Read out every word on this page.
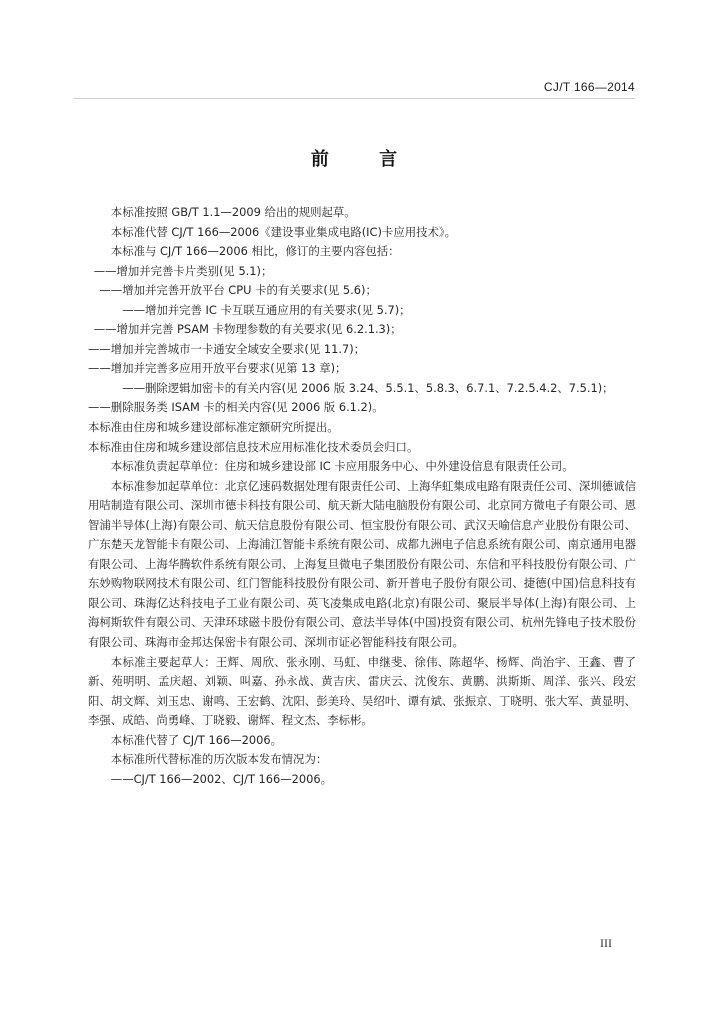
CJ/T 166—2014
前 言

本标准按照 GB/T 1.1—2009 给出的规则起草。

本标准代替 CJ/T 166—2006《建设事业集成电路(IC)卡应用技术》。

本标准与 CJ/T 166—2006 相比，修订的主要内容包括：

——增加并完善卡片类别(见 5.1)；

——增加并完善开放平台 CPU 卡的有关要求(见 5.6)；

——增加并完善 IC 卡互联互通应用的有关要求(见 5.7)；

——增加并完善 PSAM 卡物理参数的有关要求(见 6.2.1.3)；

——增加并完善城市一卡通安全域安全要求(见 11.7)；

——增加并完善多应用开放平台要求(见第 13 章)；

——删除逻辑加密卡的有关内容(见 2006 版 3.24、5.5.1、5.8.3、6.7.1、7.2.5.4.2、7.5.1)；

——删除服务类 ISAM 卡的相关内容(见 2006 版 6.1.2)。

本标准由住房和城乡建设部标准定额研究所提出。

本标准由住房和城乡建设部信息技术应用标准化技术委员会归口。

本标准负责起草单位：住房和城乡建设部 IC 卡应用服务中心、中外建设信息有限责任公司。

本标准参加起草单位：北京亿速码数据处理有限责任公司、上海华虹集成电路有限责任公司、深圳德诚信用咭制造有限公司、深圳市德卡科技有限公司、航天新大陆电脑股份有限公司、北京同方微电子有限公司、恩智浦半导体(上海)有限公司、航天信息股份有限公司、恒宝股份有限公司、武汉天喻信息产业股份有限公司、广东楚天龙智能卡有限公司、上海浦江智能卡系统有限公司、成都九洲电子信息系统有限公司、南京通用电器有限公司、上海华腾软件系统有限公司、上海复旦微电子集团股份有限公司、东信和平科技股份有限公司、广东妙购物联网技术有限公司、红门智能科技股份有限公司、新开普电子股份有限公司、捷德(中国)信息科技有限公司、珠海亿达科技电子工业有限公司、英飞凌集成电路(北京)有限公司、聚辰半导体(上海)有限公司、上海柯斯软件有限公司、天津环球磁卡股份有限公司、意法半导体(中国)投资有限公司、杭州先锋电子技术股份有限公司、珠海市金邦达保密卡有限公司、深圳市证必智能科技有限公司。

本标准主要起草人：王辉、周欣、张永刚、马虹、申继斐、徐伟、陈超华、杨辉、尚治宇、王鑫、曹了新、苑明明、孟庆超、刘颖、叫嘉、孙永战、黄吉庆、雷庆云、沈俊东、黄鹏、洪斯斯、周洋、张兴、段宏阳、胡文辉、刘玉忠、谢鸣、王宏鹤、沈阳、彭美玲、吴绍叶、谭有斌、张振京、丁晓明、张大军、黄显明、李强、成皓、尚勇峰、丁晓毅、谢辉、程文杰、李标彬。

本标准代替了 CJ/T 166—2006。

本标准所代替标准的历次版本发布情况为：

——CJ/T 166—2002、CJ/T 166—2006。

III
